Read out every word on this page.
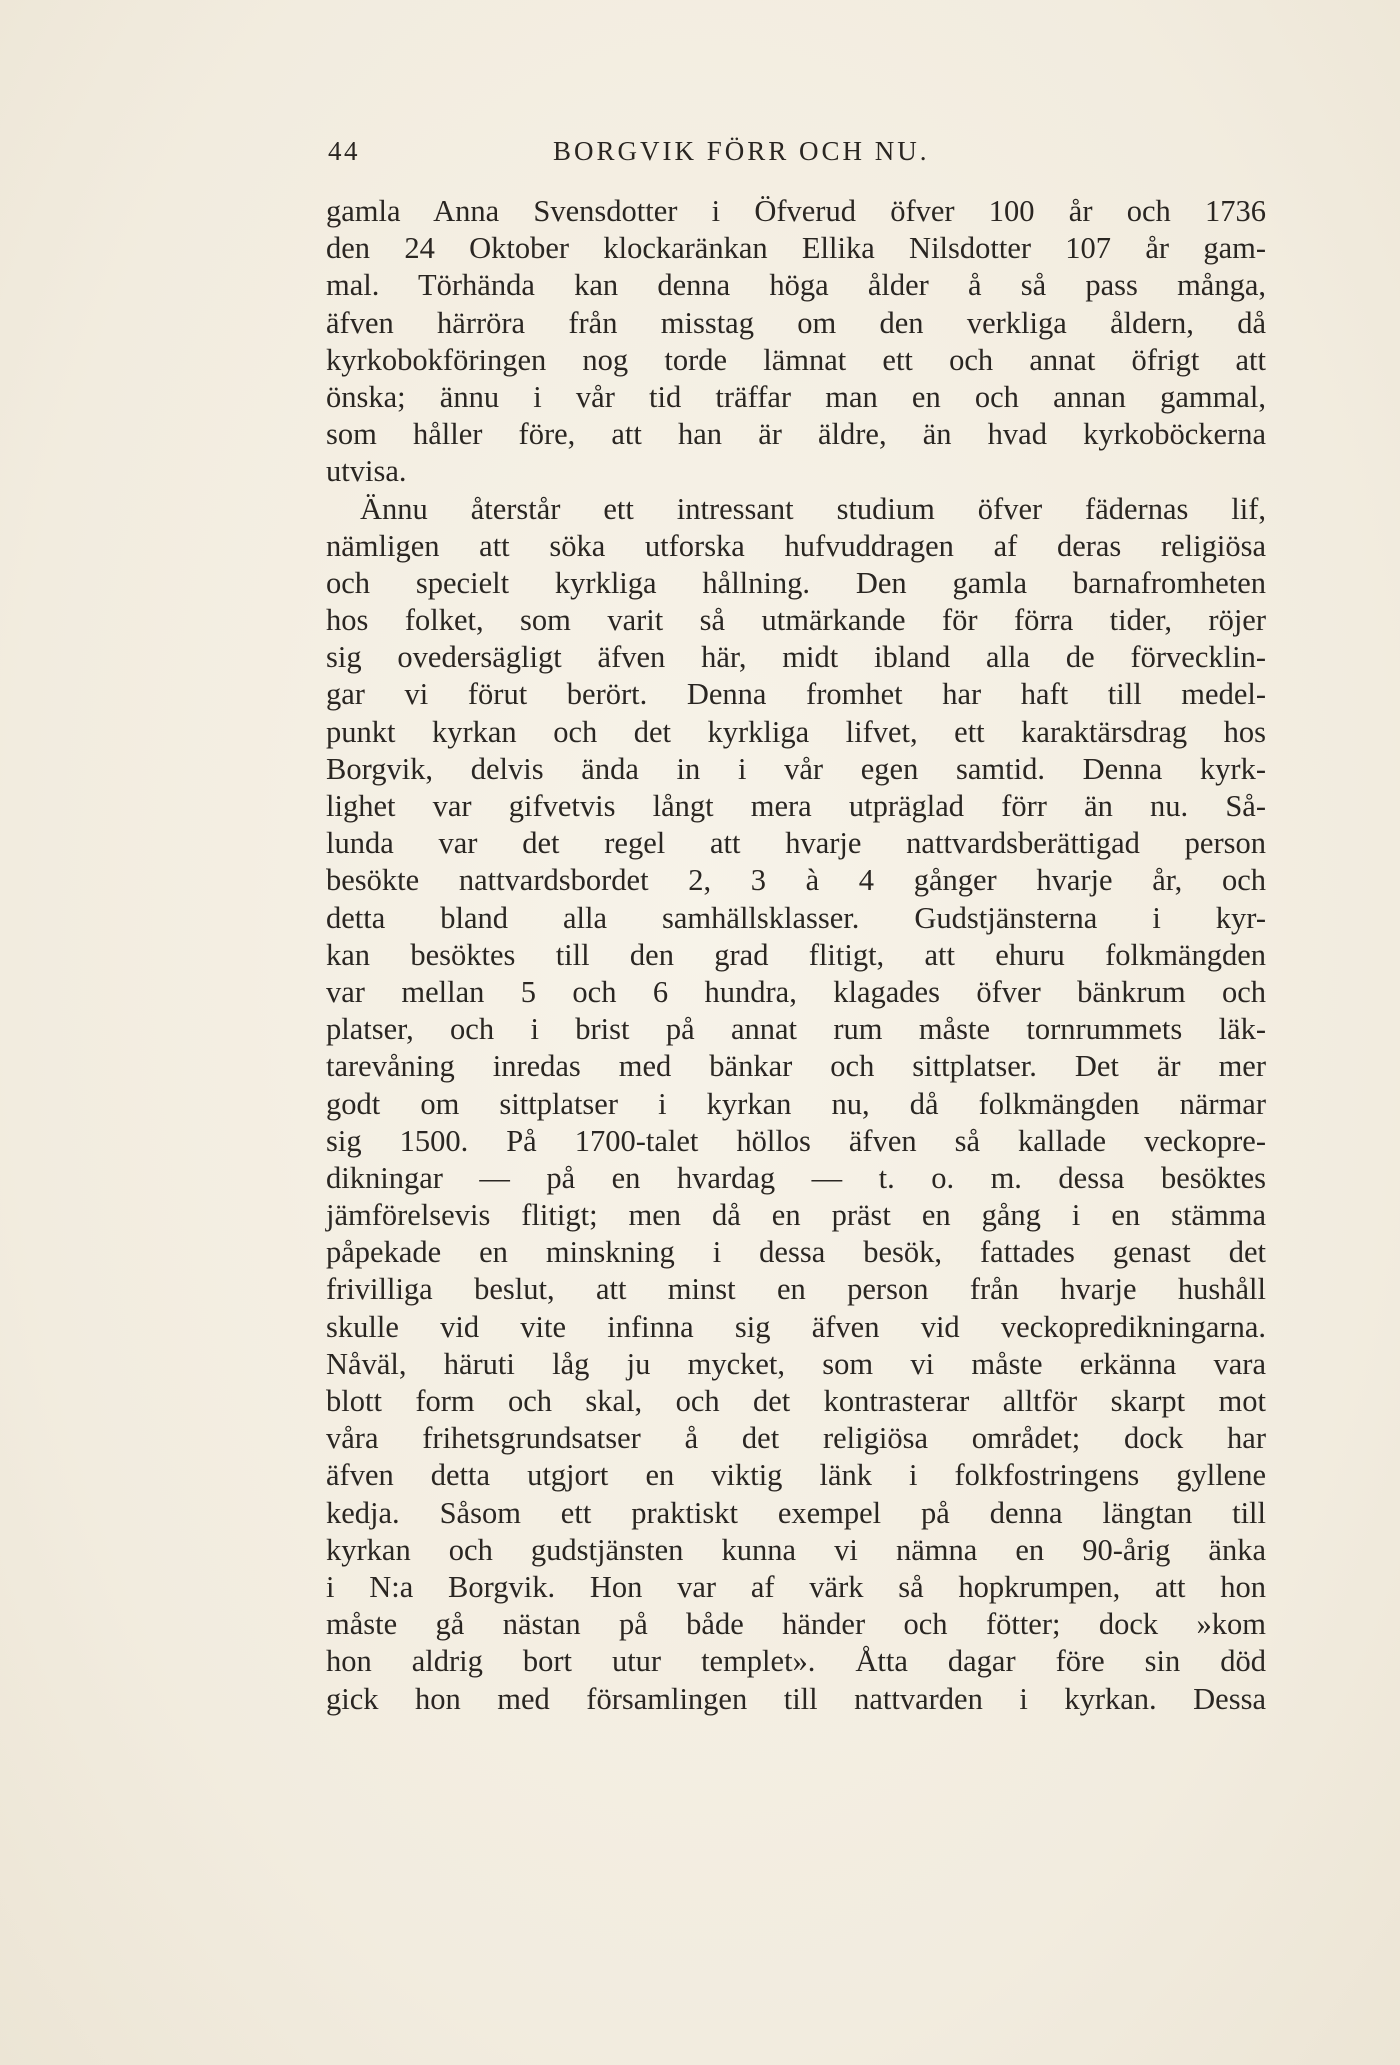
44	BORGVIK FÖRR OCH NU.
gamla Anna Svensdotter i Öfverud öfver 100 år och 1736
den 24 Oktober klockaränkan Ellika Nilsdotter 107 år gam-
mal. Törhända kan denna höga ålder å så pass många,
äfven härröra från misstag om den verkliga åldern, då
kyrkobokföringen nog torde lämnat ett och annat öfrigt att
önska; ännu i vår tid träffar man en och annan gammal,
som håller före, att han är äldre, än hvad kyrkoböckerna
utvisa.
Ännu återstår ett intressant studium öfver fädernas lif,
nämligen att söka utforska hufvuddragen af deras religiösa
och specielt kyrkliga hållning. Den gamla barnafromheten
hos folket, som varit så utmärkande för förra tider, röjer
sig ovedersägligt äfven här, midt ibland alla de förvecklin-
gar vi förut berört. Denna fromhet har haft till medel-
punkt kyrkan och det kyrkliga lifvet, ett karaktärsdrag hos
Borgvik, delvis ända in i vår egen samtid. Denna kyrk-
lighet var gifvetvis långt mera utpräglad förr än nu. Så-
lunda var det regel att hvarje nattvardsberättigad person
besökte nattvardsbordet 2, 3 à 4 gånger hvarje år, och
detta bland alla samhällsklasser. Gudstjänsterna i kyr-
kan besöktes till den grad flitigt, att ehuru folkmängden
var mellan 5 och 6 hundra, klagades öfver bänkrum och
platser, och i brist på annat rum måste tornrummets läk-
tarevåning inredas med bänkar och sittplatser. Det är mer
godt om sittplatser i kyrkan nu, då folkmängden närmar
sig 1500. På 1700-talet höllos äfven så kallade veckopre-
dikningar — på en hvardag — t. o. m. dessa besöktes
jämförelsevis flitigt; men då en präst en gång i en stämma
påpekade en minskning i dessa besök, fattades genast det
frivilliga beslut, att minst en person från hvarje hushåll
skulle vid vite infinna sig äfven vid veckopredikningarna.
Nåväl, häruti låg ju mycket, som vi måste erkänna vara
blott form och skal, och det kontrasterar alltför skarpt mot
våra frihetsgrundsatser å det religiösa området; dock har
äfven detta utgjort en viktig länk i folkfostringens gyllene
kedja. Såsom ett praktiskt exempel på denna längtan till
kyrkan och gudstjänsten kunna vi nämna en 90-årig änka
i N:a Borgvik. Hon var af värk så hopkrumpen, att hon
måste gå nästan på både händer och fötter; dock »kom
hon aldrig bort utur templet». Åtta dagar före sin död
gick hon med församlingen till nattvarden i kyrkan. Dessa
